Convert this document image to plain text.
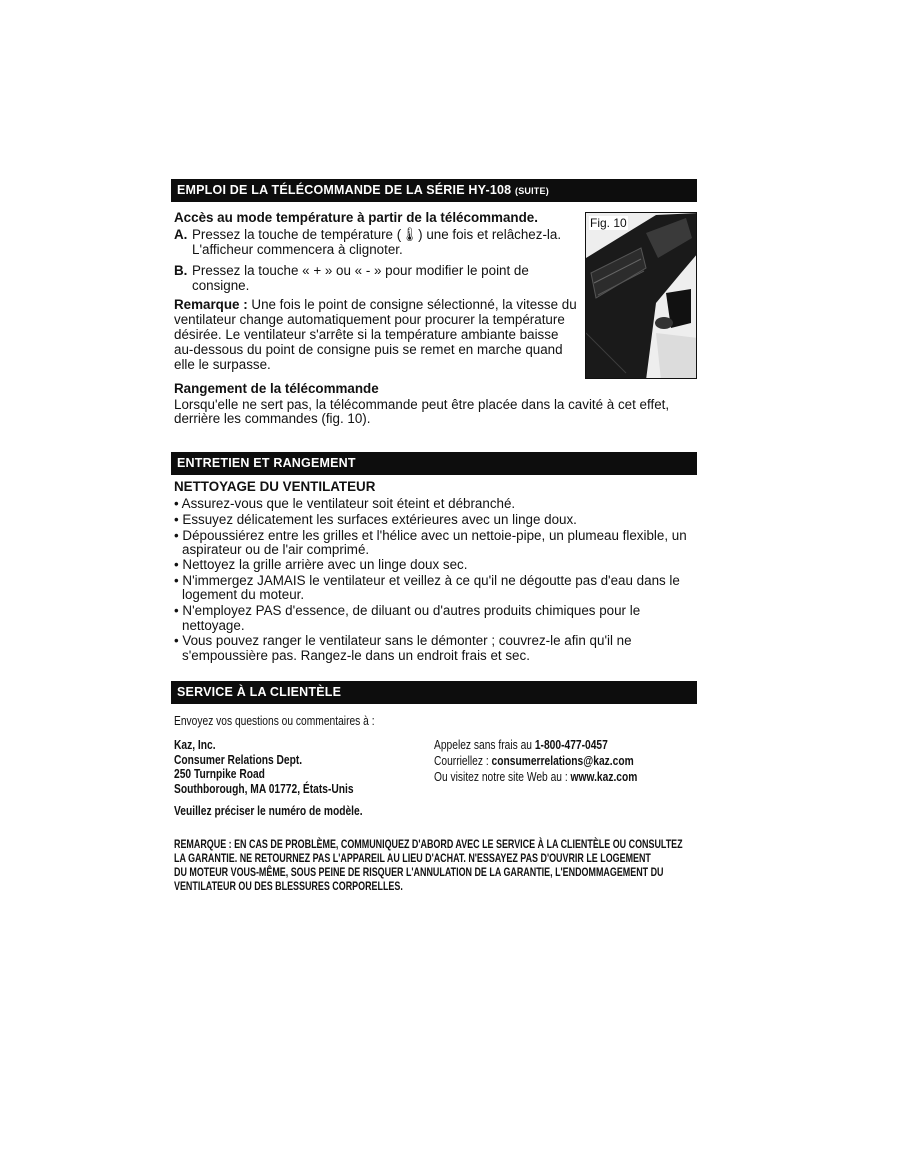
EMPLOI DE LA TÉLÉCOMMANDE DE LA SÉRIE HY-108 (SUITE)
Accès au mode température à partir de la télécommande.
A. Pressez la touche de température (🌡) une fois et relâchez-la.
L'afficheur commencera à clignoter.
B. Pressez la touche « + » ou « - » pour modifier le point de
consigne.
Remarque : Une fois le point de consigne sélectionné, la vitesse du
ventilateur change automatiquement pour procurer la température
désirée. Le ventilateur s'arrête si la température ambiante baisse
au-dessous du point de consigne puis se remet en marche quand
elle le surpasse.
Fig. 10
Rangement de la télécommande
Lorsqu'elle ne sert pas, la télécommande peut être placée dans la cavité à cet effet,
derrière les commandes (fig. 10).
ENTRETIEN ET RANGEMENT
NETTOYAGE DU VENTILATEUR
• Assurez-vous que le ventilateur soit éteint et débranché.
• Essuyez délicatement les surfaces extérieures avec un linge doux.
• Dépoussiérez entre les grilles et l'hélice avec un nettoie-pipe, un plumeau flexible, un
aspirateur ou de l'air comprimé.
• Nettoyez la grille arrière avec un linge doux sec.
• N'immergez JAMAIS le ventilateur et veillez à ce qu'il ne dégoutte pas d'eau dans le
logement du moteur.
• N'employez PAS d'essence, de diluant ou d'autres produits chimiques pour le
nettoyage.
• Vous pouvez ranger le ventilateur sans le démonter ; couvrez-le afin qu'il ne
s'empoussière pas. Rangez-le dans un endroit frais et sec.
SERVICE À LA CLIENTÈLE
Envoyez vos questions ou commentaires à :
Kaz, Inc.
Consumer Relations Dept.
250 Turnpike Road
Southborough, MA 01772, États-Unis
Appelez sans frais au 1-800-477-0457
Courriellez : consumerrelations@kaz.com
Ou visitez notre site Web au : www.kaz.com
Veuillez préciser le numéro de modèle.
REMARQUE : EN CAS DE PROBLÈME, COMMUNIQUEZ D'ABORD AVEC LE SERVICE À LA CLIENTÈLE OU CONSULTEZ
LA GARANTIE. NE RETOURNEZ PAS L'APPAREIL AU LIEU D'ACHAT. N'ESSAYEZ PAS D'OUVRIR LE LOGEMENT
DU MOTEUR VOUS-MÊME, SOUS PEINE DE RISQUER L'ANNULATION DE LA GARANTIE, L'ENDOMMAGEMENT DU
VENTILATEUR OU DES BLESSURES CORPORELLES.
